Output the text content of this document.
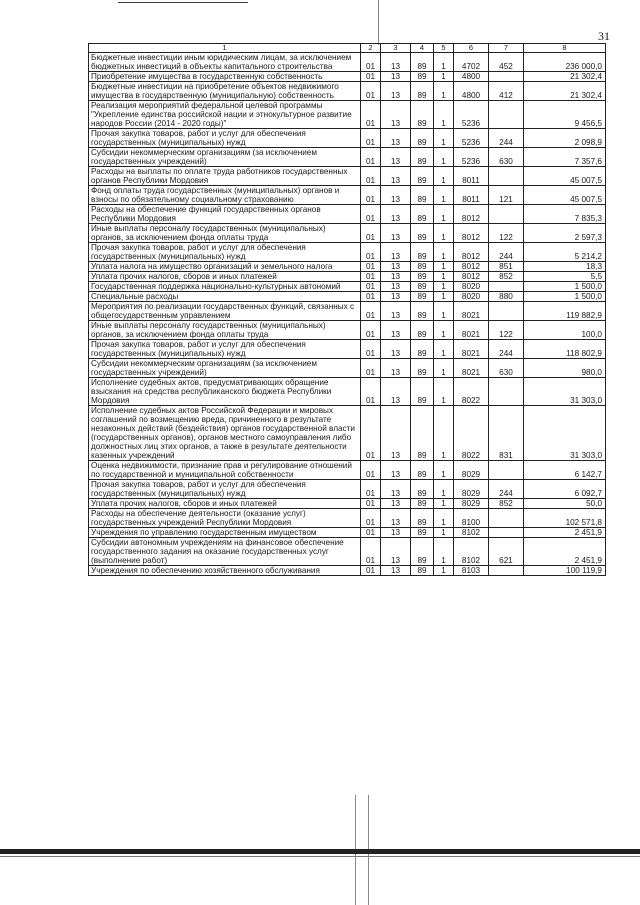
31
1	2	3	4	5	6	7	8
Бюджетные инвестиции иным юридическим лицам, за исключением бюджетных инвестиций в объекты капитального строительства	01	13	89	1	4702	452	236 000,0
Приобретение имущества в государственную собственность	01	13	89	1	4800		21 302,4
Бюджетные инвестиции на приобретение объектов недвижимого имущества в государственную (муниципальную) собственность	01	13	89	1	4800	412	21 302,4
Реализация мероприятий федеральной целевой программы "Укрепление единства российской нации и этнокультурное развитие народов России (2014 - 2020 годы)"	01	13	89	1	5236		9 456,5
Прочая закупка товаров, работ и услуг для обеспечения государственных (муниципальных) нужд	01	13	89	1	5236	244	2 098,9
Субсидии некоммерческим организациям (за исключением государственных учреждений)	01	13	89	1	5236	630	7 357,6
Расходы на выплаты по оплате труда работников государственных органов Республики Мордовия	01	13	89	1	8011		45 007,5
Фонд оплаты труда государственных (муниципальных) органов и взносы по обязательному социальному страхованию	01	13	89	1	8011	121	45 007,5
Расходы на обеспечение функций государственных органов Республики Мордовия	01	13	89	1	8012		7 835,3
Иные выплаты персоналу государственных (муниципальных) органов, за исключением фонда оплаты труда	01	13	89	1	8012	122	2 597,3
Прочая закупка товаров, работ и услуг для обеспечения государственных (муниципальных) нужд	01	13	89	1	8012	244	5 214,2
Уплата налога на имущество организаций и земельного налога	01	13	89	1	8012	851	18,3
Уплата прочих налогов, сборов и иных платежей	01	13	89	1	8012	852	5,5
Государственная поддержка национально-культурных автономий	01	13	89	1	8020		1 500,0
Специальные расходы	01	13	89	1	8020	880	1 500,0
Мероприятия по реализации государственных функций, связанных с общегосударственным управлением	01	13	89	1	8021		119 882,9
Иные выплаты персоналу государственных (муниципальных) органов, за исключением фонда оплаты труда	01	13	89	1	8021	122	100,0
Прочая закупка товаров, работ и услуг для обеспечения государственных (муниципальных) нужд	01	13	89	1	8021	244	118 802,9
Субсидии некоммерческим организациям (за исключением государственных учреждений)	01	13	89	1	8021	630	980,0
Исполнение судебных актов, предусматривающих обращение взыскания на средства республиканского бюджета Республики Мордовия	01	13	89	1	8022		31 303,0
Исполнение судебных актов Российской Федерации и мировых соглашений по возмещению вреда, причиненного в результате незаконных действий (бездействия) органов государственной власти (государственных органов), органов местного самоуправления либо должностных лиц этих органов, а также в результате деятельности казенных учреждений	01	13	89	1	8022	831	31 303,0
Оценка недвижимости, признание прав и регулирование отношений по государственной и муниципальной собственности	01	13	89	1	8029		6 142,7
Прочая закупка товаров, работ и услуг для обеспечения государственных (муниципальных) нужд	01	13	89	1	8029	244	6 092,7
Уплата прочих налогов, сборов и иных платежей	01	13	89	1	8029	852	50,0
Расходы на обеспечение деятельности (оказание услуг) государственных учреждений Республики Мордовия	01	13	89	1	8100		102 571,8
Учреждения по управлению государственным имуществом	01	13	89	1	8102		2 451,9
Субсидии автономным учреждениям на финансовое обеспечение государственного задания на оказание государственных услуг (выполнение работ)	01	13	89	1	8102	621	2 451,9
Учреждения по обеспечению хозяйственного обслуживания	01	13	89	1	8103		100 119,9
